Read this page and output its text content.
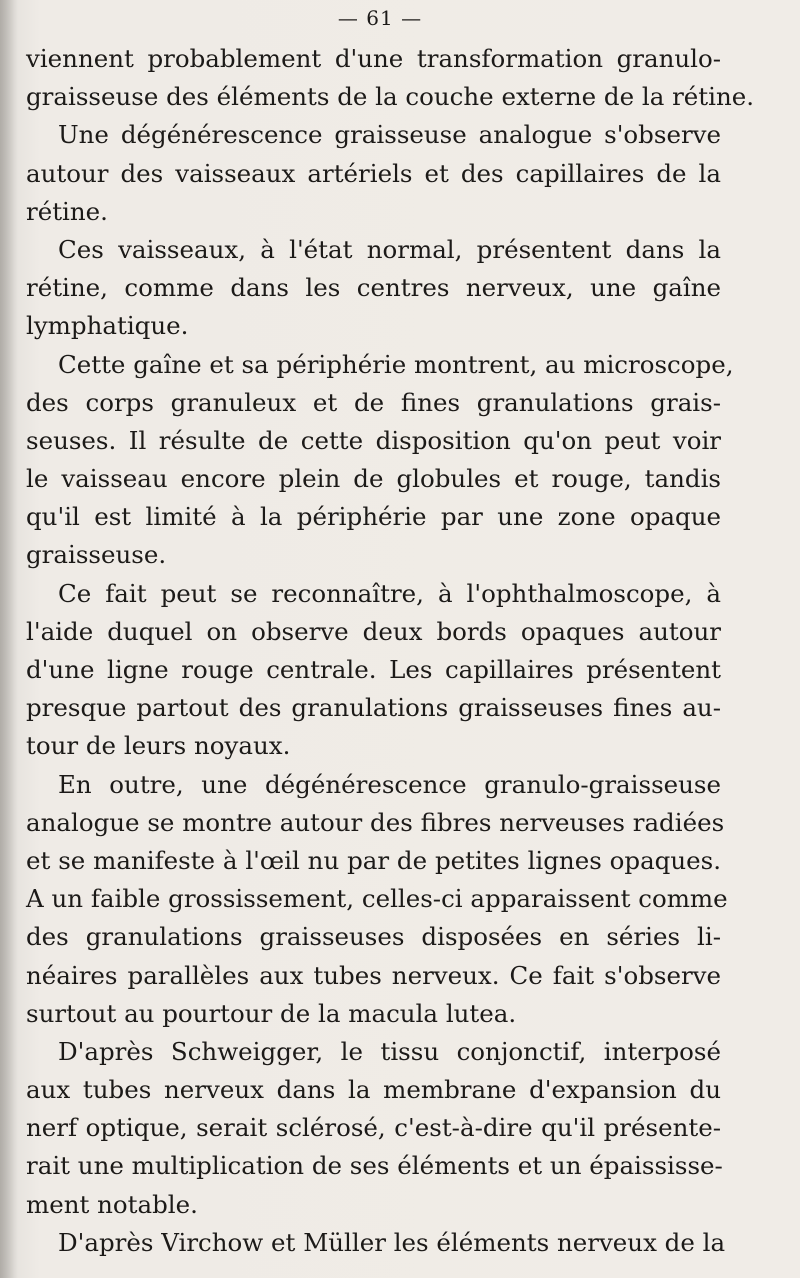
— 61 —
viennent probablement d'une transformation granulo-
graisseuse des éléments de la couche externe de la rétine.
Une dégénérescence graisseuse analogue s'observe
autour des vaisseaux artériels et des capillaires de la
rétine.
Ces vaisseaux, à l'état normal, présentent dans la
rétine, comme dans les centres nerveux, une gaîne
lymphatique.
Cette gaîne et sa périphérie montrent, au microscope,
des corps granuleux et de fines granulations grais-
seuses. Il résulte de cette disposition qu'on peut voir
le vaisseau encore plein de globules et rouge, tandis
qu'il est limité à la périphérie par une zone opaque
graisseuse.
Ce fait peut se reconnaître, à l'ophthalmoscope, à
l'aide duquel on observe deux bords opaques autour
d'une ligne rouge centrale. Les capillaires présentent
presque partout des granulations graisseuses fines au-
tour de leurs noyaux.
En outre, une dégénérescence granulo-graisseuse
analogue se montre autour des fibres nerveuses radiées
et se manifeste à l'œil nu par de petites lignes opaques.
A un faible grossissement, celles-ci apparaissent comme
des granulations graisseuses disposées en séries li-
néaires parallèles aux tubes nerveux. Ce fait s'observe
surtout au pourtour de la macula lutea.
D'après Schweigger, le tissu conjonctif, interposé
aux tubes nerveux dans la membrane d'expansion du
nerf optique, serait sclérosé, c'est-à-dire qu'il présente-
rait une multiplication de ses éléments et un épaississe-
ment notable.
D'après Virchow et Müller les éléments nerveux de la
